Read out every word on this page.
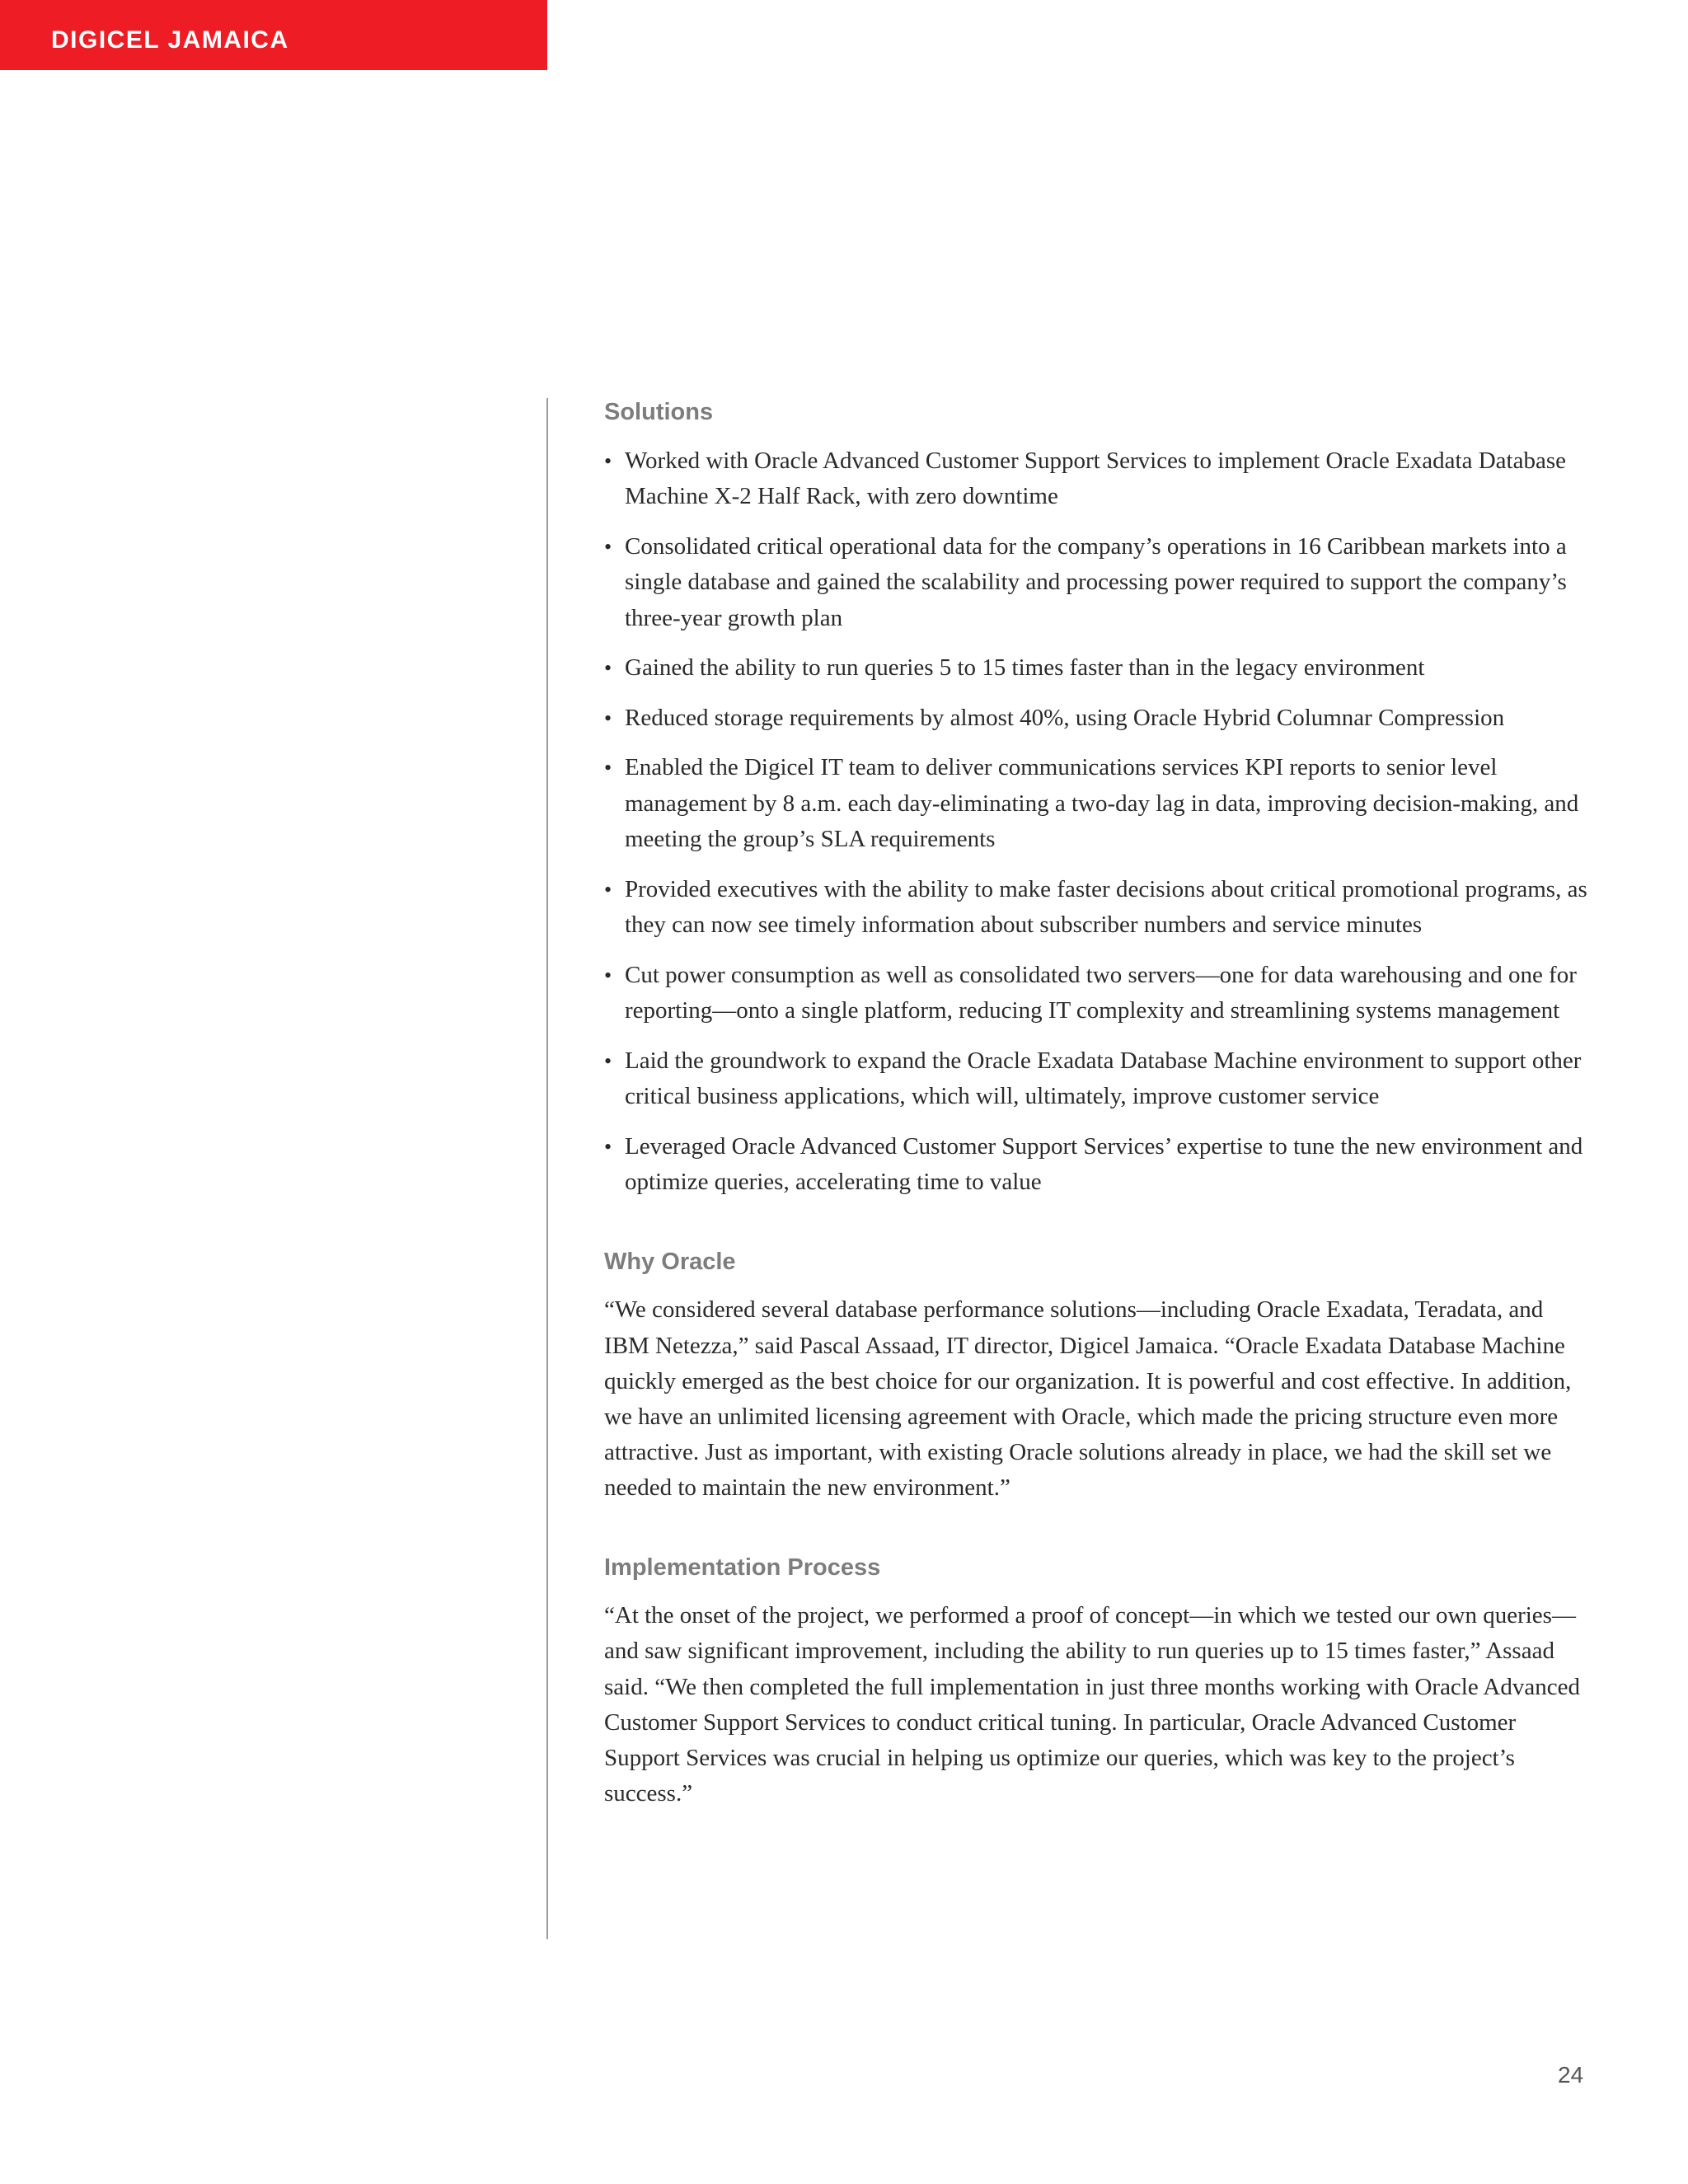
DIGICEL JAMAICA
Solutions
• Worked with Oracle Advanced Customer Support Services to implement Oracle Exadata Database Machine X-2 Half Rack, with zero downtime
• Consolidated critical operational data for the company’s operations in 16 Caribbean markets into a single database and gained the scalability and processing power required to support the company’s three-year growth plan
• Gained the ability to run queries 5 to 15 times faster than in the legacy environment
• Reduced storage requirements by almost 40%, using Oracle Hybrid Columnar Compression
• Enabled the Digicel IT team to deliver communications services KPI reports to senior level management by 8 a.m. each day-eliminating a two-day lag in data, improving decision-making, and meeting the group’s SLA requirements
• Provided executives with the ability to make faster decisions about critical promotional programs, as they can now see timely information about subscriber numbers and service minutes
• Cut power consumption as well as consolidated two servers—one for data warehousing and one for reporting—onto a single platform, reducing IT complexity and streamlining systems management
• Laid the groundwork to expand the Oracle Exadata Database Machine environment to support other critical business applications, which will, ultimately, improve customer service
• Leveraged Oracle Advanced Customer Support Services’ expertise to tune the new environment and optimize queries, accelerating time to value
Why Oracle

“We considered several database performance solutions—including Oracle Exadata, Teradata, and IBM Netezza,” said Pascal Assaad, IT director, Digicel Jamaica. “Oracle Exadata Database Machine quickly emerged as the best choice for our organization. It is powerful and cost effective. In addition, we have an unlimited licensing agreement with Oracle, which made the pricing structure even more attractive. Just as important, with existing Oracle solutions already in place, we had the skill set we needed to maintain the new environment.”

Implementation Process

“At the onset of the project, we performed a proof of concept—in which we tested our own queries—and saw significant improvement, including the ability to run queries up to 15 times faster,” Assaad said. “We then completed the full implementation in just three months working with Oracle Advanced Customer Support Services to conduct critical tuning. In particular, Oracle Advanced Customer Support Services was crucial in helping us optimize our queries, which was key to the project’s success.”

24
